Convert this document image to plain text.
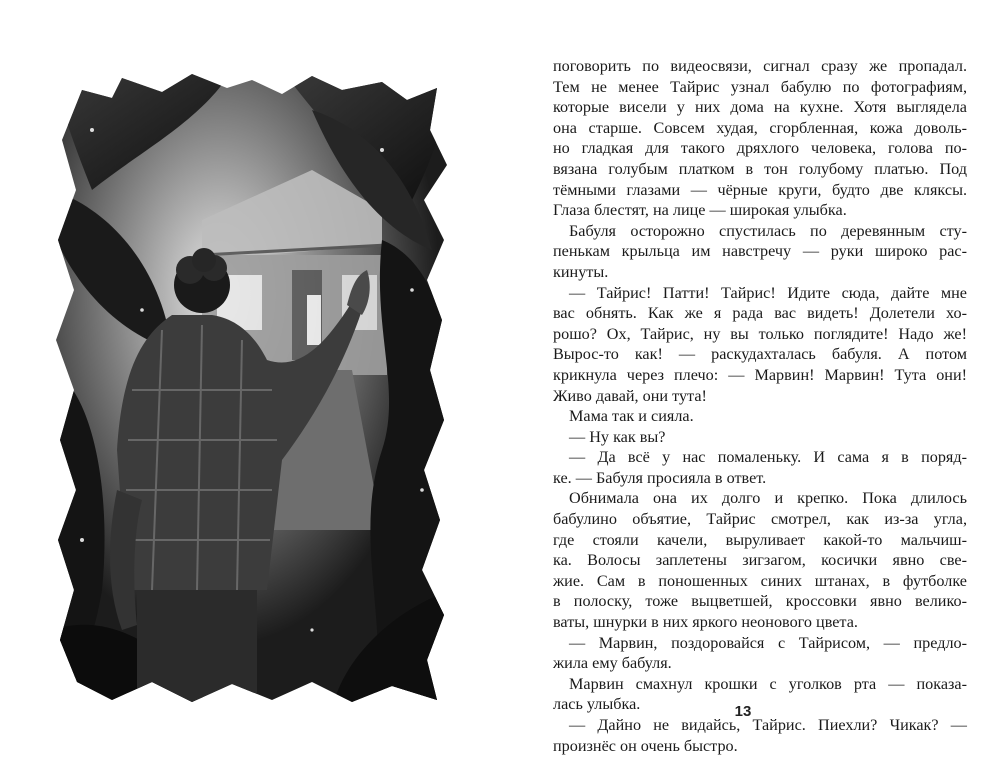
поговорить по видеосвязи, сигнал сразу же пропадал.
Тем не менее Тайрис узнал бабулю по фотографиям,
которые висели у них дома на кухне. Хотя выглядела
она старше. Совсем худая, сгорбленная, кожа доволь-
но гладкая для такого дряхлого человека, голова по-
вязана голубым платком в тон голубому платью. Под
тёмными глазами — чёрные круги, будто две кляксы.
Глаза блестят, на лице — широкая улыбка.
Бабуля осторожно спустилась по деревянным сту-
пенькам крыльца им навстречу — руки широко рас-
кинуты.
— Тайрис! Патти! Тайрис! Идите сюда, дайте мне
вас обнять. Как же я рада вас видеть! Долетели хо-
рошо? Ох, Тайрис, ну вы только поглядите! Надо же!
Вырос-то как! — раскудахталась бабуля. А потом
крикнула через плечо: — Марвин! Марвин! Тута они!
Живо давай, они тута!
Мама так и сияла.
— Ну как вы?
— Да всё у нас помаленьку. И сама я в поряд-
ке. — Бабуля просияла в ответ.
Обнимала она их долго и крепко. Пока длилось
бабулино объятие, Тайрис смотрел, как из-за угла,
где стояли качели, выруливает какой-то мальчиш-
ка. Волосы заплетены зигзагом, косички явно све-
жие. Сам в поношенных синих штанах, в футболке
в полоску, тоже выцветшей, кроссовки явно велико-
ваты, шнурки в них яркого неонового цвета.
— Марвин, поздоровайся с Тайрисом, — предло-
жила ему бабуля.
Марвин смахнул крошки с уголков рта — показа-
лась улыбка.
— Дайно не видайсь, Тайрис. Пиехли? Чикак? —
произнёс он очень быстро.
13
